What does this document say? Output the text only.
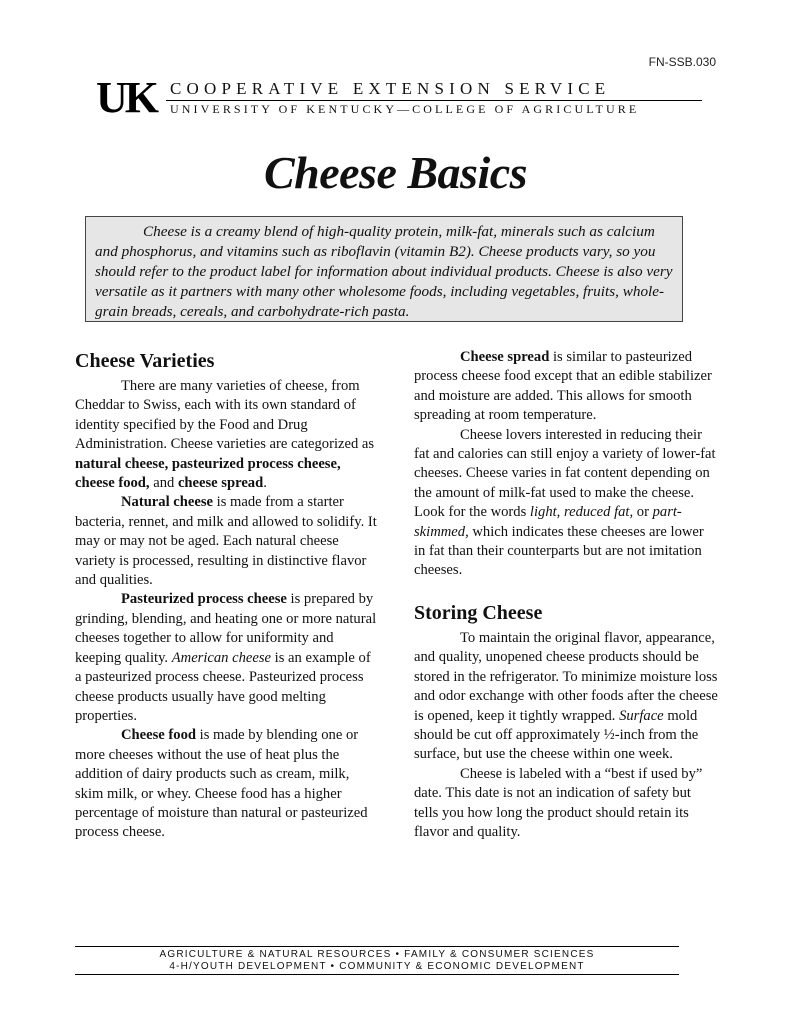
FN-SSB.030
UK COOPERATIVE EXTENSION SERVICE
UNIVERSITY OF KENTUCKY—COLLEGE OF AGRICULTURE
Cheese Basics

Cheese is a creamy blend of high-quality protein, milk-fat, minerals such as calcium and phosphorus, and vitamins such as riboflavin (vitamin B2). Cheese products vary, so you should refer to the product label for information about individual products. Cheese is also very versatile as it partners with many other wholesome foods, including vegetables, fruits, whole-grain breads, cereals, and carbohydrate-rich pasta.

Cheese Varieties

There are many varieties of cheese, from Cheddar to Swiss, each with its own standard of identity specified by the Food and Drug Administration. Cheese varieties are categorized as natural cheese, pasteurized process cheese, cheese food, and cheese spread.

Natural cheese is made from a starter bacteria, rennet, and milk and allowed to solidify. It may or may not be aged. Each natural cheese variety is processed, resulting in distinctive flavor and qualities.

Pasteurized process cheese is prepared by grinding, blending, and heating one or more natural cheeses together to allow for uniformity and keeping quality. American cheese is an example of a pasteurized process cheese. Pasteurized process cheese products usually have good melting properties.

Cheese food is made by blending one or more cheeses without the use of heat plus the addition of dairy products such as cream, milk, skim milk, or whey. Cheese food has a higher percentage of moisture than natural or pasteurized process cheese.

Cheese spread is similar to pasteurized process cheese food except that an edible stabilizer and moisture are added. This allows for smooth spreading at room temperature.

Cheese lovers interested in reducing their fat and calories can still enjoy a variety of lower-fat cheeses. Cheese varies in fat content depending on the amount of milk-fat used to make the cheese. Look for the words light, reduced fat, or part-skimmed, which indicates these cheeses are lower in fat than their counterparts but are not imitation cheeses.

Storing Cheese

To maintain the original flavor, appearance, and quality, unopened cheese products should be stored in the refrigerator. To minimize moisture loss and odor exchange with other foods after the cheese is opened, keep it tightly wrapped. Surface mold should be cut off approximately ½-inch from the surface, but use the cheese within one week.

Cheese is labeled with a “best if used by” date. This date is not an indication of safety but tells you how long the product should retain its flavor and quality.

AGRICULTURE & NATURAL RESOURCES • FAMILY & CONSUMER SCIENCES
4-H/YOUTH DEVELOPMENT • COMMUNITY & ECONOMIC DEVELOPMENT
